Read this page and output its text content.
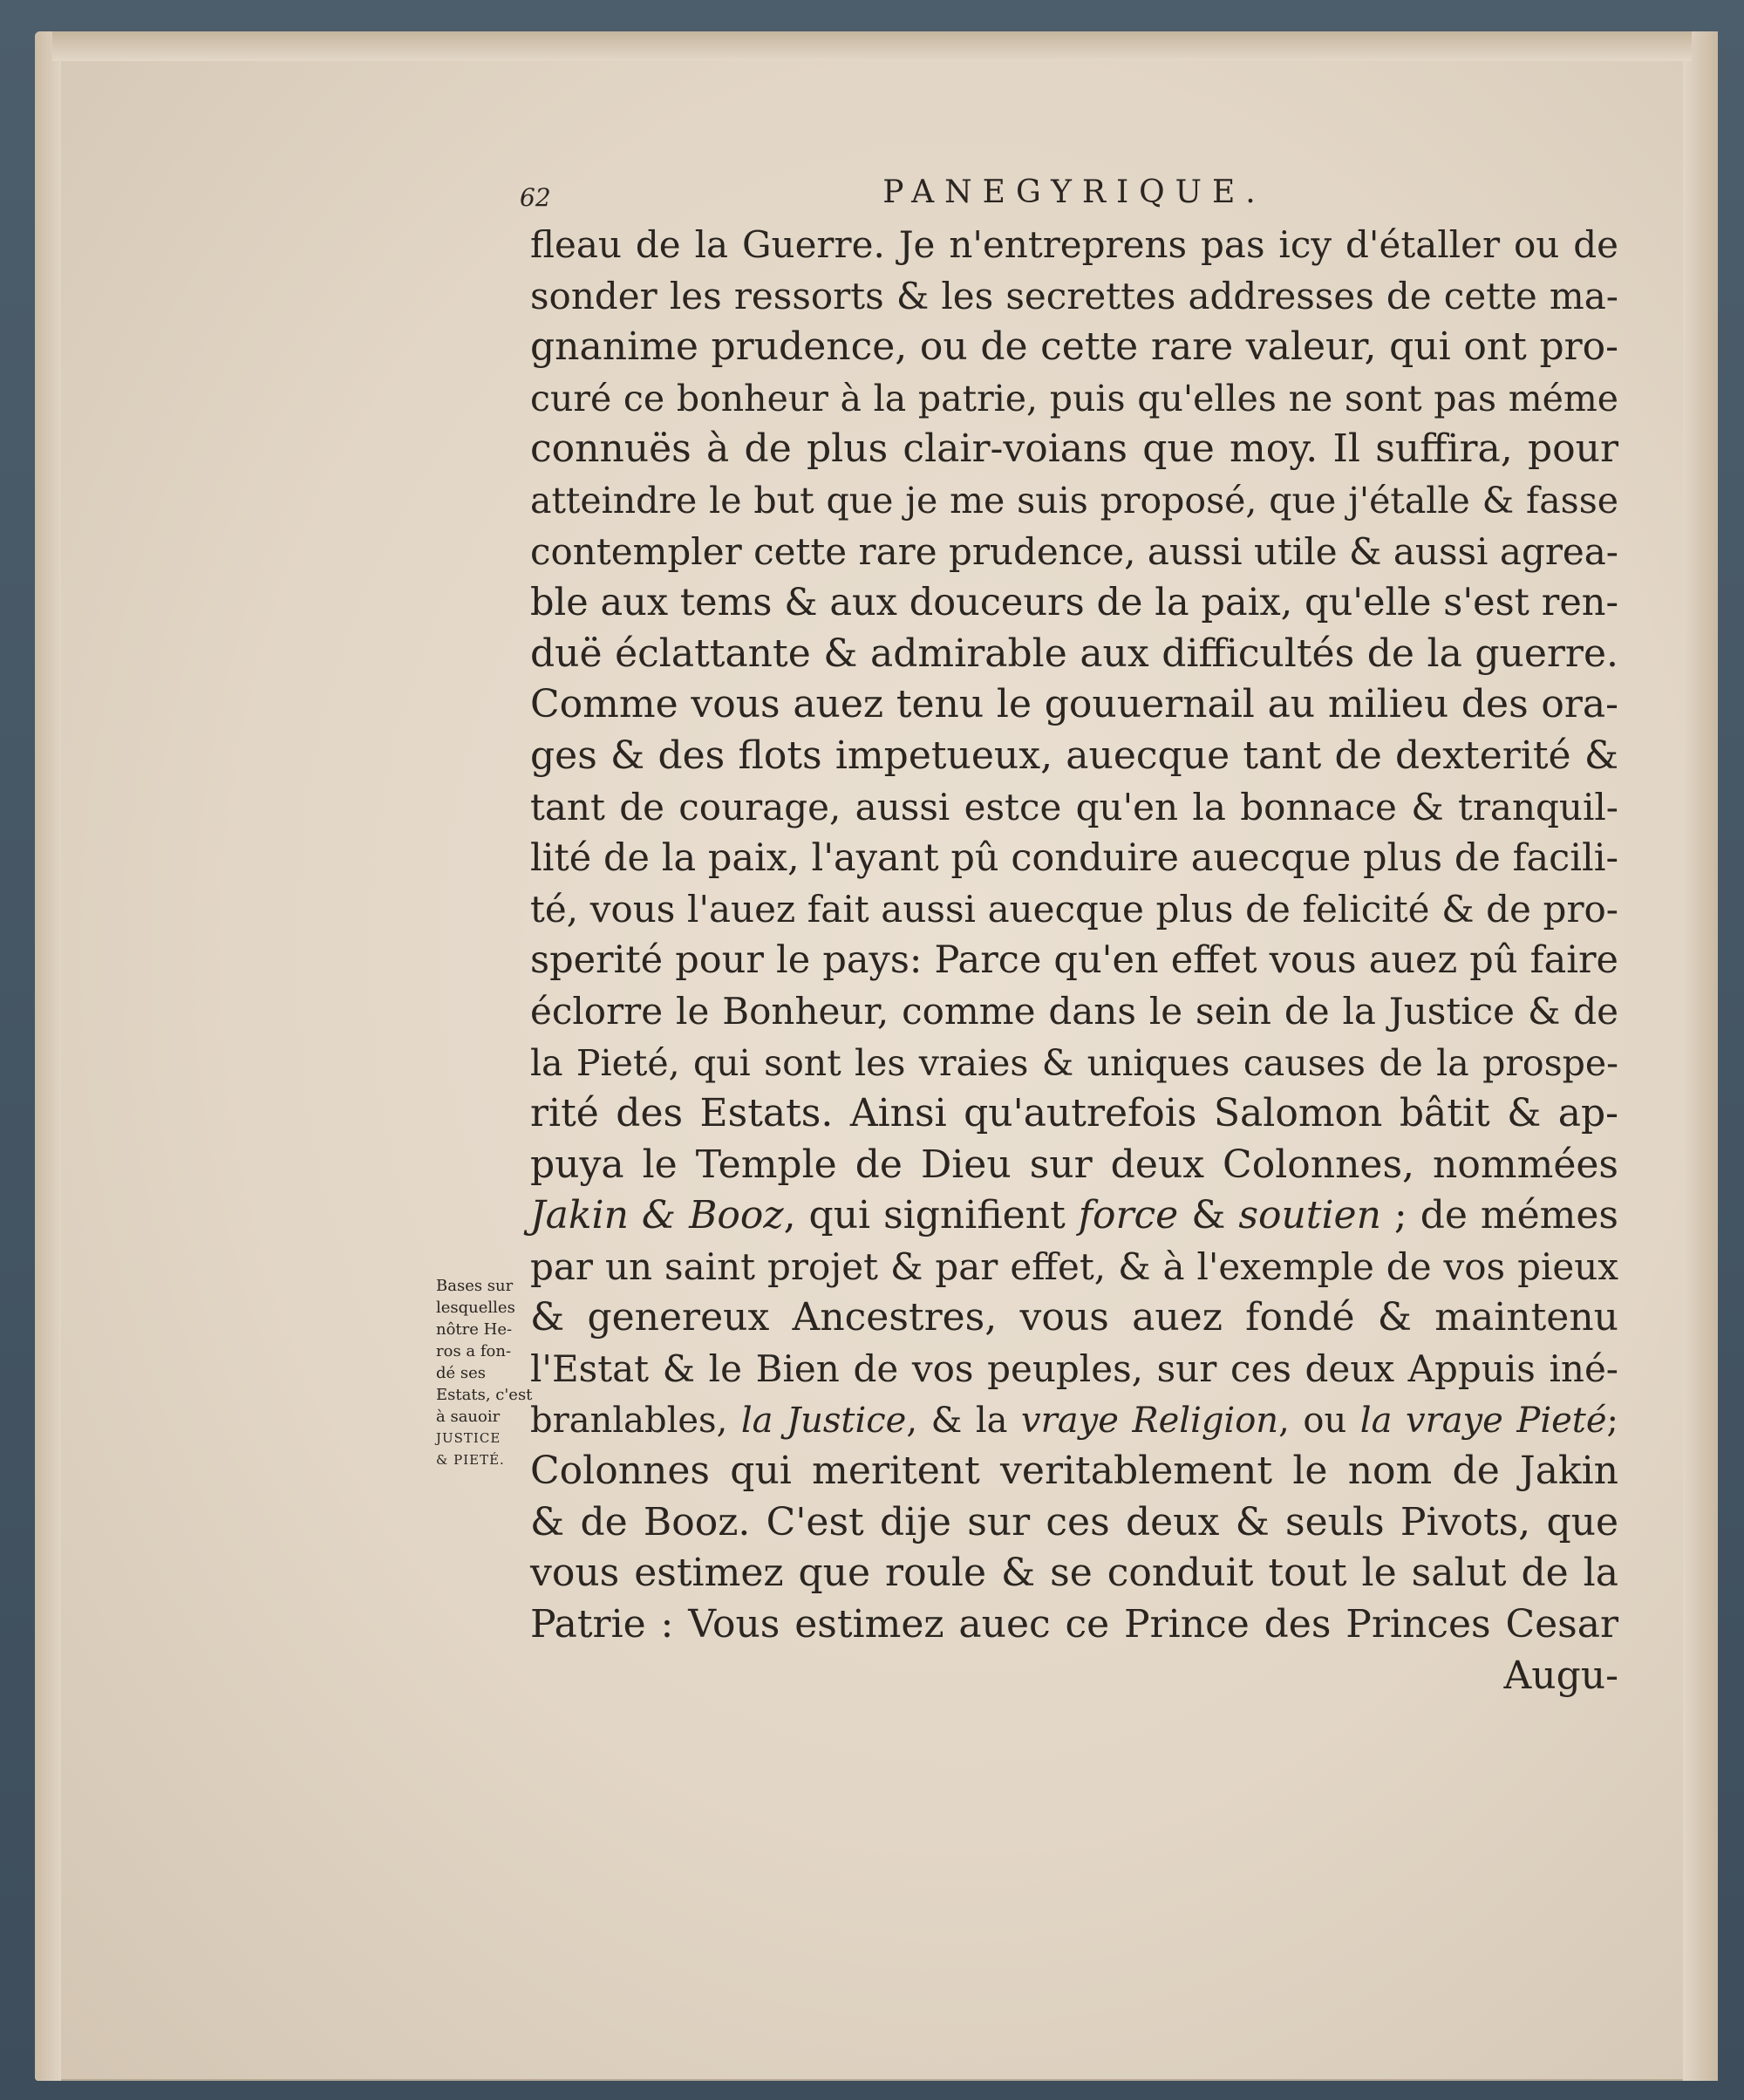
62	PANEGYRIQUE.
fleau de la Guerre. Je n'entreprens pas icy d'étaller ou de
sonder les ressorts & les secrettes addresses de cette ma-
gnanime prudence, ou de cette rare valeur, qui ont pro-
curé ce bonheur à la patrie, puis qu'elles ne sont pas méme
connuës à de plus clair-voians que moy. Il suffira, pour
atteindre le but que je me suis proposé, que j'étalle & fasse
contempler cette rare prudence, aussi utile & aussi agrea-
ble aux tems & aux douceurs de la paix, qu'elle s'est ren-
duë éclattante & admirable aux difficultés de la guerre.
Comme vous auez tenu le gouuernail au milieu des ora-
ges & des flots impetueux, auecque tant de dexterité &
tant de courage, aussi estce qu'en la bonnace & tranquil-
lité de la paix, l'ayant pû conduire auecque plus de facili-
té, vous l'auez fait aussi auecque plus de felicité & de pro-
sperité pour le pays: Parce qu'en effet vous auez pû faire
éclorre le Bonheur, comme dans le sein de la Justice & de
la Pieté, qui sont les vraies & uniques causes de la prospe-
rité des Estats. Ainsi qu'autrefois Salomon bâtit & ap-
puya le Temple de Dieu sur deux Colonnes, nommées
Jakin & Booz, qui signifient force & soutien ; de mémes
par un saint projet & par effet, & à l'exemple de vos pieux
& genereux Ancestres, vous auez fondé & maintenu
l'Estat & le Bien de vos peuples, sur ces deux Appuis iné-
branlables, la Justice, & la vraye Religion, ou la vraye Pieté;
Colonnes qui meritent veritablement le nom de Jakin
& de Booz. C'est dije sur ces deux & seuls Pivots, que
vous estimez que roule & se conduit tout le salut de la
Patrie : Vous estimez auec ce Prince des Princes Cesar
Augu-
Bases sur
lesquelles
nôtre He-
ros a fon-
dé ses
Estats, c'est
à sauoir
JUSTICE
& PIETÉ.
